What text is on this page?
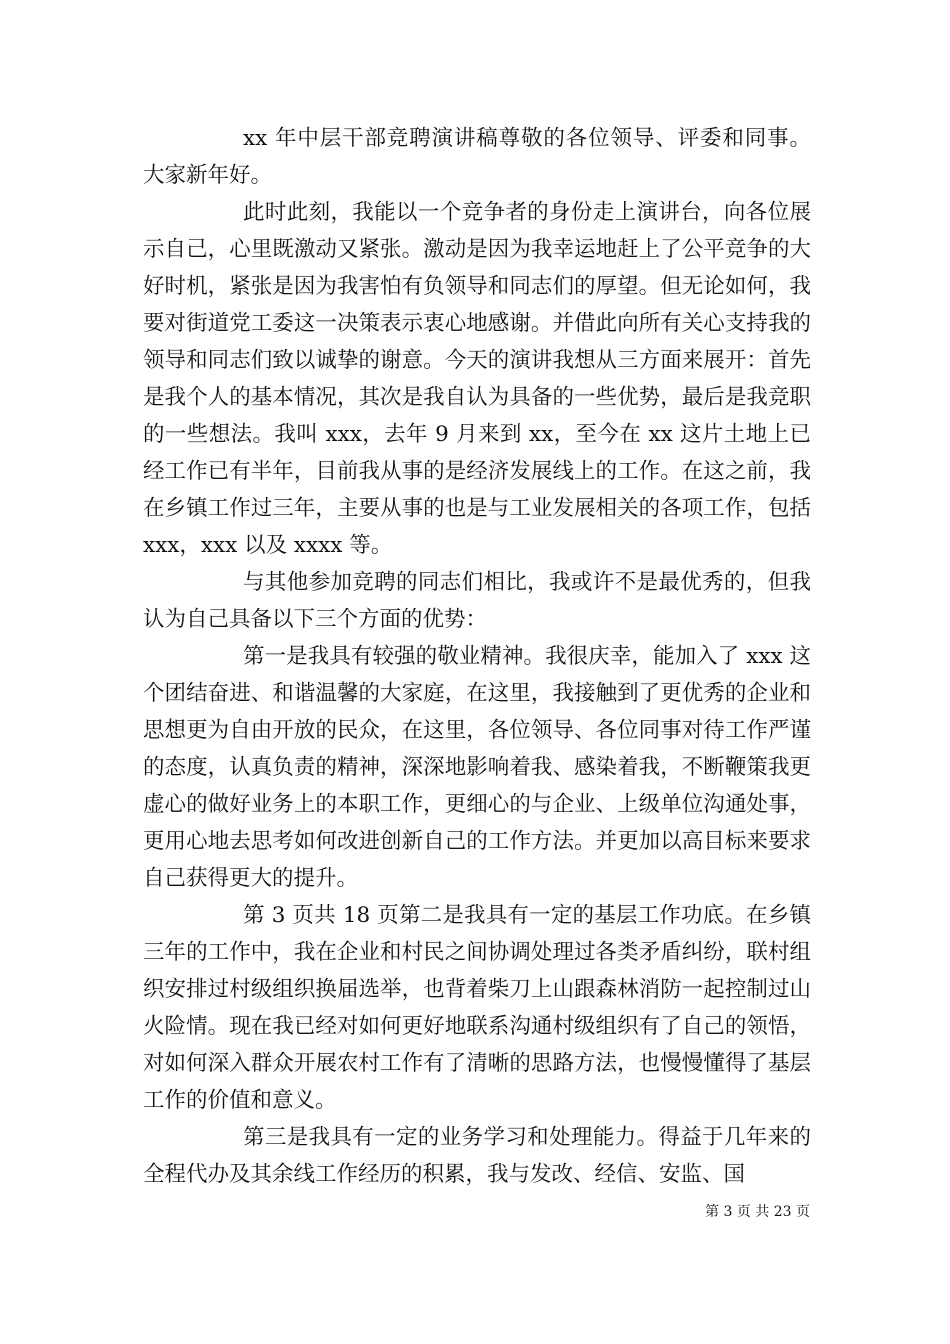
xx 年中层干部竞聘演讲稿尊敬的各位领导、评委和同事。大家新年好。

此时此刻，我能以一个竞争者的身份走上演讲台，向各位展示自己，心里既激动又紧张。激动是因为我幸运地赶上了公平竞争的大好时机，紧张是因为我害怕有负领导和同志们的厚望。但无论如何，我要对街道党工委这一决策表示衷心地感谢。并借此向所有关心支持我的领导和同志们致以诚挚的谢意。今天的演讲我想从三方面来展开：首先是我个人的基本情况，其次是我自认为具备的一些优势，最后是我竞职的一些想法。我叫 xxx，去年 9 月来到 xx，至今在 xx 这片土地上已经工作已有半年，目前我从事的是经济发展线上的工作。在这之前，我在乡镇工作过三年，主要从事的也是与工业发展相关的各项工作，包括 xxx，xxx 以及 xxxx 等。

与其他参加竞聘的同志们相比，我或许不是最优秀的，但我认为自己具备以下三个方面的优势：

第一是我具有较强的敬业精神。我很庆幸，能加入了 xxx 这个团结奋进、和谐温馨的大家庭，在这里，我接触到了更优秀的企业和思想更为自由开放的民众，在这里，各位领导、各位同事对待工作严谨的态度，认真负责的精神，深深地影响着我、感染着我，不断鞭策我更虚心的做好业务上的本职工作，更细心的与企业、上级单位沟通处事，更用心地去思考如何改进创新自己的工作方法。并更加以高目标来要求自己获得更大的提升。

第 3 页共 18 页第二是我具有一定的基层工作功底。在乡镇三年的工作中，我在企业和村民之间协调处理过各类矛盾纠纷，联村组织安排过村级组织换届选举，也背着柴刀上山跟森林消防一起控制过山火险情。现在我已经对如何更好地联系沟通村级组织有了自己的领悟，对如何深入群众开展农村工作有了清晰的思路方法，也慢慢懂得了基层工作的价值和意义。

第三是我具有一定的业务学习和处理能力。得益于几年来的全程代办及其余线工作经历的积累，我与发改、经信、安监、国

第 3 页 共 23 页
